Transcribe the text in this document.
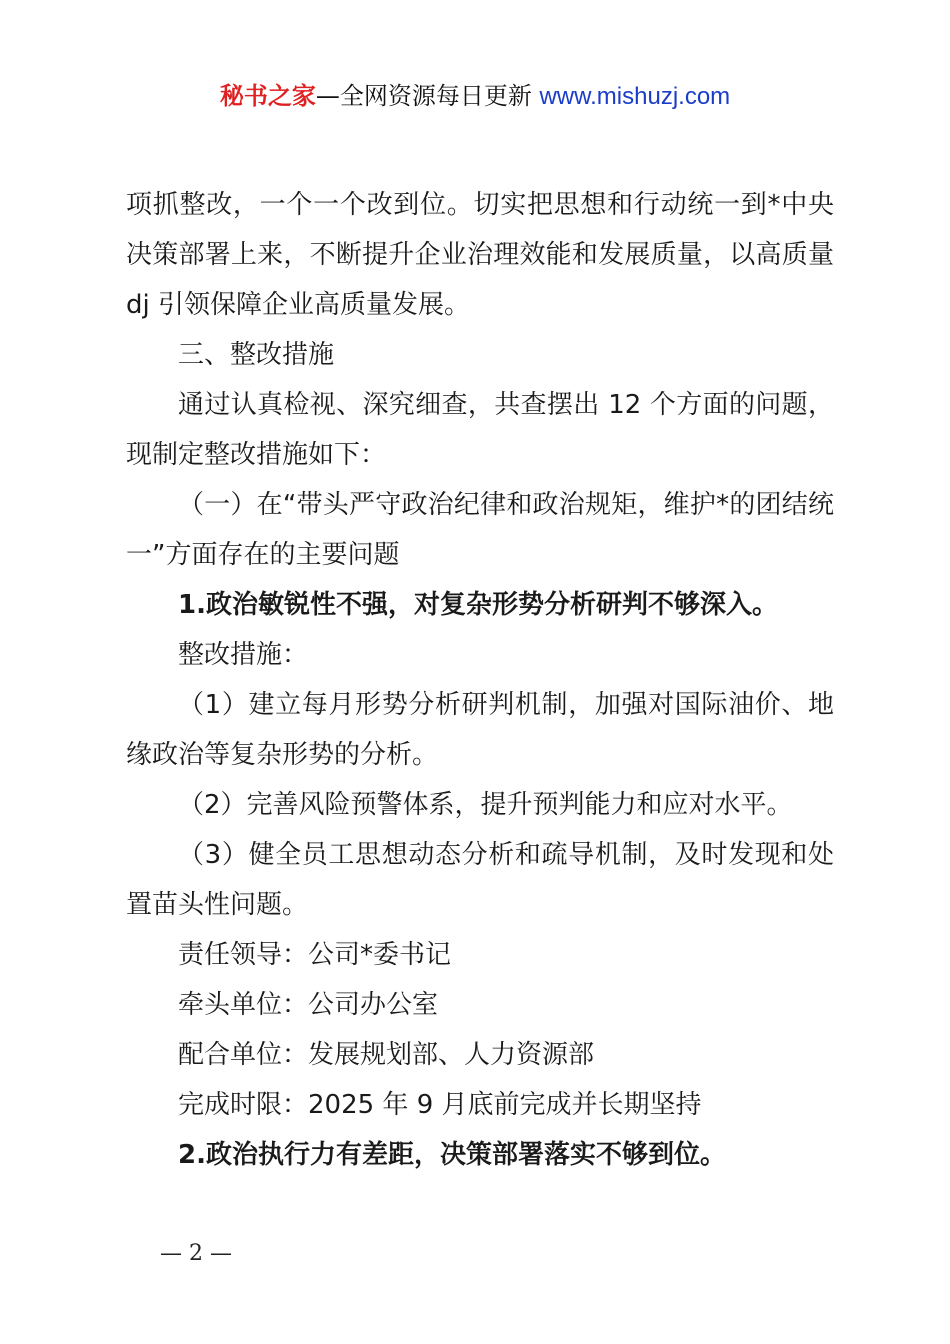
秘书之家—全网资源每日更新 www.mishuzj.com

项抓整改，一个一个改到位。切实把思想和行动统一到*中央决策部署上来，不断提升企业治理效能和发展质量，以高质量 dj 引领保障企业高质量发展。

三、整改措施

通过认真检视、深究细查，共查摆出 12 个方面的问题，现制定整改措施如下：

（一）在“带头严守政治纪律和政治规矩，维护*的团结统一”方面存在的主要问题

1.政治敏锐性不强，对复杂形势分析研判不够深入。

整改措施：

（1）建立每月形势分析研判机制，加强对国际油价、地缘政治等复杂形势的分析。

（2）完善风险预警体系，提升预判能力和应对水平。

（3）健全员工思想动态分析和疏导机制，及时发现和处置苗头性问题。

责任领导：公司*委书记

牵头单位：公司办公室

配合单位：发展规划部、人力资源部

完成时限：2025 年 9 月底前完成并长期坚持

2.政治执行力有差距，决策部署落实不够到位。

— 2 —
